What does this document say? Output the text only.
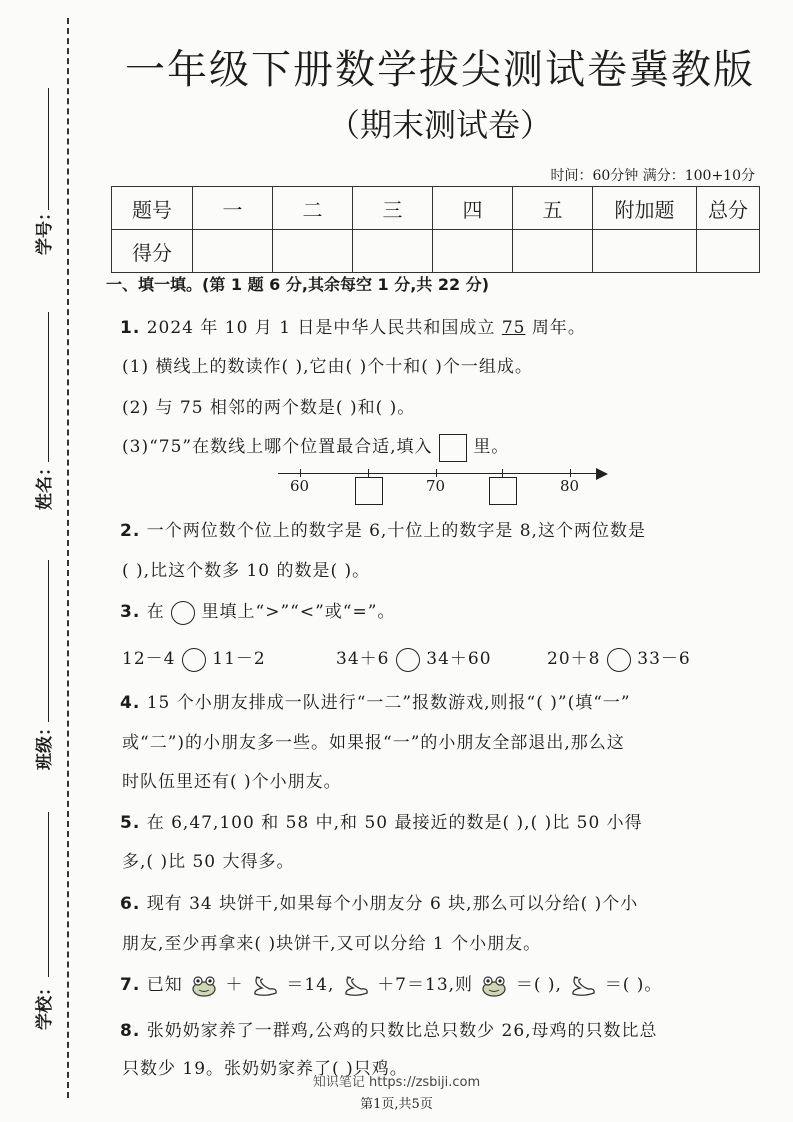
学号：
姓名：
班级：
学校：
一年级下册数学拔尖测试卷冀教版
（期末测试卷）
时间：60分钟 满分：100+10分
题号	一	二	三	四	五	附加题	总分
得分							
一、填一填。(第 1 题 6 分,其余每空 1 分,共 22 分)
1. 2024 年 10 月 1 日是中华人民共和国成立 75 周年。
(1) 横线上的数读作( ),它由( )个十和( )个一组成。
(2) 与 75 相邻的两个数是( )和( )。
(3)“75”在数线上哪个位置最合适,填入 里。
60	70	80
2. 一个两位数个位上的数字是 6,十位上的数字是 8,这个两位数是
( ),比这个数多 10 的数是( )。
3. 在 里填上“>”“<”或“=”。
12－4 11－2	34＋6 34＋60	20＋8 33－6
4. 15 个小朋友排成一队进行“一二”报数游戏,则报“( )”(填“一”
或“二”)的小朋友多一些。如果报“一”的小朋友全部退出,那么这
时队伍里还有( )个小朋友。
5. 在 6,47,100 和 58 中,和 50 最接近的数是( ),( )比 50 小得
多,( )比 50 大得多。
6. 现有 34 块饼干,如果每个小朋友分 6 块,那么可以分给( )个小
朋友,至少再拿来( )块饼干,又可以分给 1 个小朋友。
7. 已知	＋	＝14,	＋7＝13,则	＝( ),	＝( )。
8. 张奶奶家养了一群鸡,公鸡的只数比总只数少 26,母鸡的只数比总
只数少 19。张奶奶家养了( )只鸡。
知识笔记 https://zsbiji.com
第1页,共5页
